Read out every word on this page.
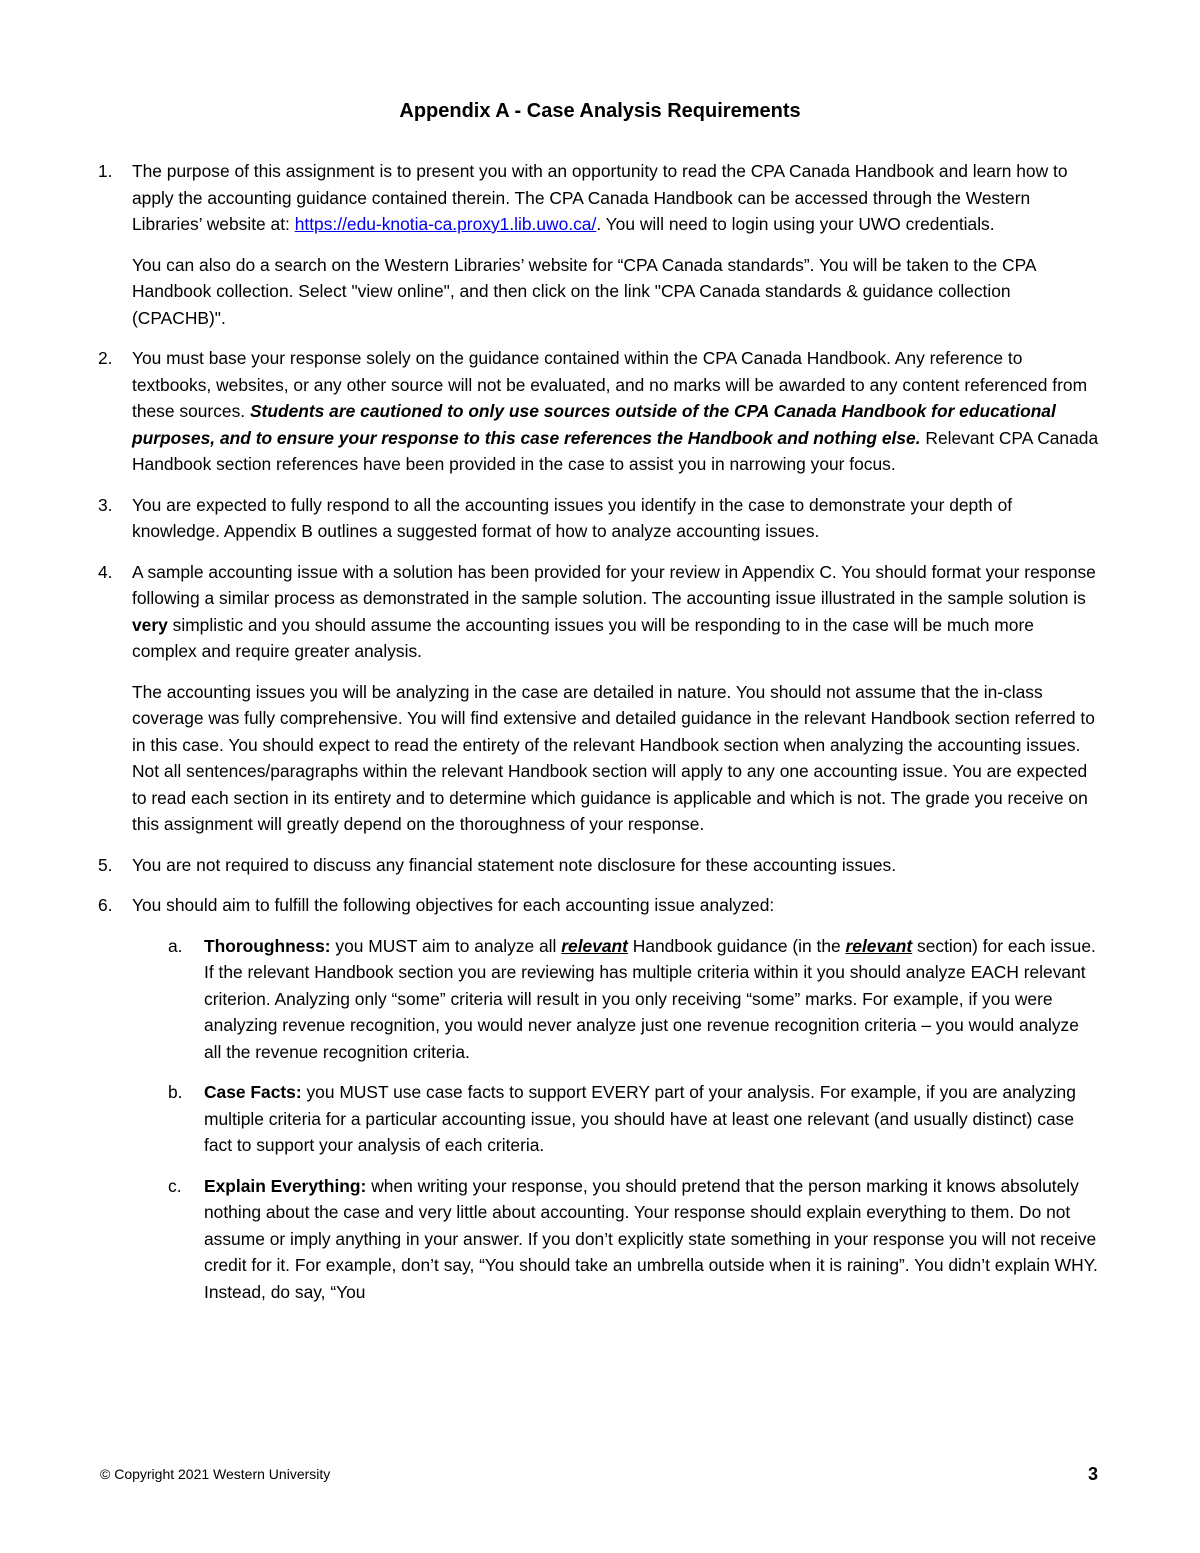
Appendix A - Case Analysis Requirements
1. The purpose of this assignment is to present you with an opportunity to read the CPA Canada Handbook and learn how to apply the accounting guidance contained therein. The CPA Canada Handbook can be accessed through the Western Libraries’ website at: https://edu-knotia-ca.proxy1.lib.uwo.ca/. You will need to login using your UWO credentials.

You can also do a search on the Western Libraries’ website for “CPA Canada standards”. You will be taken to the CPA Handbook collection. Select "view online", and then click on the link "CPA Canada standards & guidance collection (CPACHB)".

2. You must base your response solely on the guidance contained within the CPA Canada Handbook. Any reference to textbooks, websites, or any other source will not be evaluated, and no marks will be awarded to any content referenced from these sources. Students are cautioned to only use sources outside of the CPA Canada Handbook for educational purposes, and to ensure your response to this case references the Handbook and nothing else. Relevant CPA Canada Handbook section references have been provided in the case to assist you in narrowing your focus.

3. You are expected to fully respond to all the accounting issues you identify in the case to demonstrate your depth of knowledge. Appendix B outlines a suggested format of how to analyze accounting issues.

4. A sample accounting issue with a solution has been provided for your review in Appendix C. You should format your response following a similar process as demonstrated in the sample solution. The accounting issue illustrated in the sample solution is very simplistic and you should assume the accounting issues you will be responding to in the case will be much more complex and require greater analysis.

The accounting issues you will be analyzing in the case are detailed in nature. You should not assume that the in-class coverage was fully comprehensive. You will find extensive and detailed guidance in the relevant Handbook section referred to in this case. You should expect to read the entirety of the relevant Handbook section when analyzing the accounting issues. Not all sentences/paragraphs within the relevant Handbook section will apply to any one accounting issue. You are expected to read each section in its entirety and to determine which guidance is applicable and which is not. The grade you receive on this assignment will greatly depend on the thoroughness of your response.

5. You are not required to discuss any financial statement note disclosure for these accounting issues.

6. You should aim to fulfill the following objectives for each accounting issue analyzed:

a. Thoroughness: you MUST aim to analyze all relevant Handbook guidance (in the relevant section) for each issue. If the relevant Handbook section you are reviewing has multiple criteria within it you should analyze EACH relevant criterion. Analyzing only “some” criteria will result in you only receiving “some” marks. For example, if you were analyzing revenue recognition, you would never analyze just one revenue recognition criteria – you would analyze all the revenue recognition criteria.
b. Case Facts: you MUST use case facts to support EVERY part of your analysis. For example, if you are analyzing multiple criteria for a particular accounting issue, you should have at least one relevant (and usually distinct) case fact to support your analysis of each criteria.
c. Explain Everything: when writing your response, you should pretend that the person marking it knows absolutely nothing about the case and very little about accounting. Your response should explain everything to them. Do not assume or imply anything in your answer. If you don’t explicitly state something in your response you will not receive credit for it. For example, don’t say, “You should take an umbrella outside when it is raining”. You didn’t explain WHY. Instead, do say, “You
© Copyright 2021 Western University	3
